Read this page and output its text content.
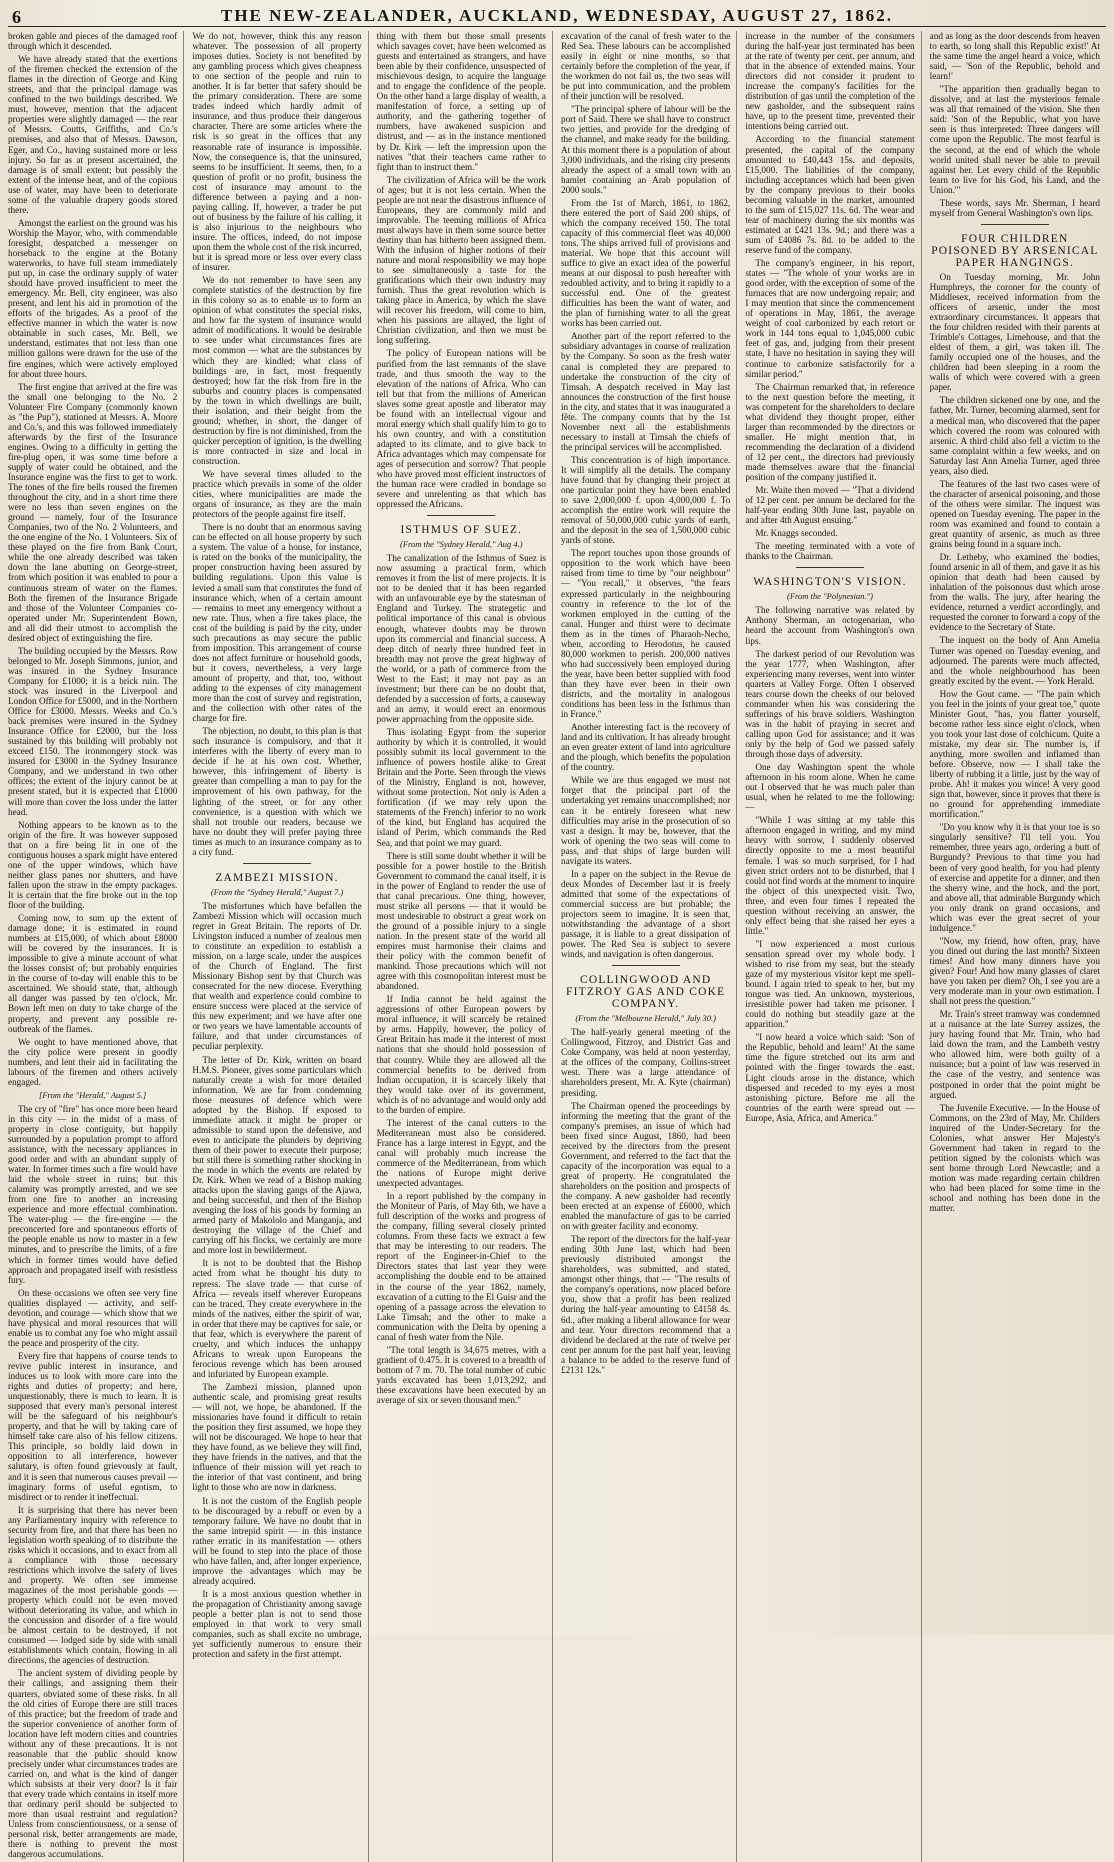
6	THE NEW-ZEALANDER, AUCKLAND, WEDNESDAY, AUGUST 27, 1862.

broken gable and pieces of the damaged roof through which it descended.

We have already stated that the exertions of the firemen checked the extension of the flames in the direction of George and King streets, and that the principal damage was confined to the two buildings described. We must, however, mention that the adjacent properties were slightly damaged — the rear of Messrs. Coutts, Griffiths, and Co.'s premises, and also that of Messrs. Dawson, Eger, and Co., having sustained more or less injury. So far as at present ascertained, the damage is of small extent; but possibly the extent of the intense heat, and of the copious use of water, may have been to deteriorate some of the valuable drapery goods stored there.

Amongst the earliest on the ground was his Worship the Mayor, who, with commendable foresight, despatched a messenger on horseback to the engine at the Botany waterworks, to have full steam immediately put up, in case the ordinary supply of water should have proved insufficient to meet the emergency. Mr. Bell, city engineer, was also present, and lent his aid in promotion of the efforts of the brigades. As a proof of the effective manner in which the water is now obtainable in such cases, Mr. Bell, we understand, estimates that not less than one million gallons were drawn for the use of the fire engines, which were actively employed for about three hours.

The first engine that arrived at the fire was the small one belonging to the No. 2 Volunteer Fire Company (commonly known as "the Pup"), stationed at Messrs. A. Moore and Co.'s, and this was followed immediately afterwards by the first of the Insurance engines. Owing to a difficulty in getting the fire-plug open, it was some time before a supply of water could be obtained, and the Insurance engine was the first to get to work. The tones of the fire bells roused the firemen throughout the city, and in a short time there were no less than seven engines on the ground — namely, four of the Insurance Companies, two of the No. 2 Volunteers, and the one engine of the No. 1 Volunteers. Six of these played on the fire from Bank Court, while the one already described was taken down the lane abutting on George-street, from which position it was enabled to pour a continuous stream of water on the flames. Both the firemen of the Insurance Brigade and those of the Volunteer Companies co-operated under Mr. Superintendent Bown, and all did their utmost to accomplish the desired object of extinguishing the fire.

The building occupied by the Messrs. Row belonged to Mr. Joseph Simmons, junior, and was insured in the Sydney Insurance Company for £1000; it is a brick ruin. The stock was insured in the Liverpool and London Office for £5000, and in the Northern Office for £3000. Messrs. Weeks and Co.'s back premises were insured in the Sydney Insurance Office for £2000, but the loss sustained by this building will probably not exceed £150. The ironmongery stock was insured for £3000 in the Sydney Insurance Company, and we understand in two other offices; the extent of the injury cannot be at present stated, but it is expected that £1000 will more than cover the loss under the latter head.

Nothing appears to be known as to the origin of the fire. It was however supposed that on a fire being lit in one of the contiguous houses a spark might have entered one of the upper windows, which have neither glass panes nor shutters, and have fallen upon the straw in the empty packages. It is certain that the fire broke out in the top floor of the building.

Coming now, to sum up the extent of damage done; it is estimated in round numbers at £15,000, of which about £8000 will be covered by the insurances. It is impossible to give a minute account of what the losses consist of; but probably enquiries in the course of to-day will enable this to be ascertained. We should state, that, although all danger was passed by ten o'clock, Mr. Bown left men on duty to take charge of the property, and prevent any possible re-outbreak of the flames.

We ought to have mentioned above, that the city police were present in goodly numbers, and lent their aid in facilitating the labours of the firemen and others actively engaged.

[From the "Herald," August 5.]

The cry of "fire" has once more been heard in this city — in the midst of a mass of property in close contiguity, but happily surrounded by a population prompt to afford assistance, with the necessary appliances in good order and with an abundant supply of water. In former times such a fire would have laid the whole street in ruins; but this calamity was promptly arrested, and we see from one fire to another an increasing experience and more effectual combination. The water-plug — the fire-engine — the preconcerted fore and spontaneous efforts of the people enable us now to master in a few minutes, and to prescribe the limits, of a fire which in former times would have defied approach and propagated itself with resistless fury.

On these occasions we often see very fine qualities displayed — activity, and self-devotion, and courage — which show that we have physical and moral resources that will enable us to combat any foe who might assail the peace and prosperity of the city.

Every fire that happens of course tends to revive public interest in insurance, and induces us to look with more care into the rights and duties of property; and here, unquestionably, there is much to learn. It is supposed that every man's personal interest will be the safeguard of his neighbour's property, and that he will by taking care of himself take care also of his fellow citizens. This principle, so boldly laid down in opposition to all interference, however salutary, is often found grievously at fault, and it is seen that numerous causes prevail — imaginary forms of useful egotism, to misdirect or to render it ineffectual.

It is surprising that there has never been any Parliamentary inquiry with reference to security from fire, and that there has been no legislation worth speaking of to distribute the risks which it occasions, and to exact from all a compliance with those necessary restrictions which involve the safety of lives and property. We often see immense magazines of the most perishable goods — property which could not be even moved without deteriorating its value, and which in the concussion and disorder of a fire would be almost certain to be destroyed, if not consumed — lodged side by side with small establishments which contain, flowing in all directions, the agencies of destruction.

The ancient system of dividing people by their callings, and assigning them their quarters, obviated some of these risks. In all the old cities of Europe there are still traces of this practice; but the freedom of trade and the superior convenience of another form of location have left modern cities and countries without any of these precautions. It is not reasonable that the public should know precisely under what circumstances trades are carried on, and what is the kind of danger which subsists at their very door? Is it fair that every trade which contains in itself more that ordinary peril should be subjected to more than usual restraint and regulation? Unless from conscientiousness, or a sense of personal risk, better arrangements are made, there is nothing to prevent the most dangerous accumulations.

We do not, however, think this any reason whatever. The possession of all property imposes duties. Society is not benefited by any gambling process which gives cheapness to one section of the people and ruin to another. It is far better that safety should be the primary consideration. There are some trades indeed which hardly admit of insurance, and thus produce their dangerous character. There are some articles where the risk is so great in the offices that any reasonable rate of insurance is impossible. Now, the consequence is, that the uninsured, seems to be insufficient. It seems, then, to a question of profit or no profit, business the cost of insurance may amount to the difference between a paying and a non-paying calling. If, however, a trader be put out of business by the failure of his calling, it is also injurious to the neighbours who insure. The offices, indeed, do not impose upon them the whole cost of the risk incurred, but it is spread more or less over every class of insurer.

We do not remember to have seen any complete statistics of the destruction by fire in this colony so as to enable us to form an opinion of what constitutes the special risks, and how far the system of insurance would admit of modifications. It would be desirable to see under what circumstances fires are most common — what are the substances by which they are kindled; what class of buildings are, in fact, most frequently destroyed; how far the risk from fire in the suburbs and country places is compensated by the town in which dwellings are built, their isolation, and their height from the ground; whether, in short, the danger of destruction by fire is not diminished, from the quicker perception of ignition, is the dwelling is more contracted in size and local in construction.

We have several times alluded to the practice which prevails in some of the older cities, where municipalities are made the organs of insurance, as they are the main protectors of the people against fire itself.

There is no doubt that an enormous saving can be effected on all house property by such a system. The value of a house, for instance, is rated on the books of the municipality, the proper construction having been assured by building regulations. Upon this value is levied a small sum that constitutes the fund of insurance which, when of a certain amount — remains to meet any emergency without a new rate. Thus, when a fire takes place, the cost of the building is paid by the city, under such precautions as may secure the public from imposition. This arrangement of course does not affect furniture or household goods, but it covers, nevertheless, a very large amount of property, and that, too, without adding to the expenses of city management more than the cost of survey and registration, and the collection with other rates of the charge for fire.

The objection, no doubt, to this plan is that such insurance is compulsory, and that it interferes with the liberty of every man to decide if he at his own cost. Whether, however, this infringement of liberty is greater than compelling a man to pay for the improvement of his own pathway, for the lighting of the street, or for any other convenience, is a question with which we shall not trouble our readers, because we have no doubt they will prefer paying three times as much to an insurance company as to a city fund.

ZAMBEZI MISSION.
(From the "Sydney Herald," August 7.)

The misfortunes which have befallen the Zambezi Mission which will occasion much regret in Great Britain. The reports of Dr. Livingston induced a number of zealous men to constitute an expedition to establish a mission, on a large scale, under the auspices of the Church of England. The first Missionary Bishop sent by that Church was consecrated for the new diocese. Everything that wealth and experience could combine to ensure success were placed at the service of this new experiment; and we have after one or two years we have lamentable accounts of failure, and that under circumstances of peculiar perplexity.

The letter of Dr. Kirk, written on board H.M.S. Pioneer, gives some particulars which naturally create a wish for more detailed information. We are far from condemning those measures of defence which were adopted by the Bishop. If exposed to immediate attack it might be proper or admissible to stand upon the defensive, and even to anticipate the plunders by depriving them of their power to execute their purpose; but still there is something rather shocking in the mode in which the events are related by Dr. Kirk. When we read of a Bishop making attacks upon the slaving gangs of the Ajawa, and being successful, and then of the Bishop avenging the loss of his goods by forming an armed party of Makololo and Manganja, and destroying the village of the Chief and carrying off his flocks, we certainly are more and more lost in bewilderment.

It is not to be doubted that the Bishop acted from what he thought his duty to repress. The slave trade — that curse of Africa — reveals itself wherever Europeans can be traced. They create everywhere in the minds of the natives, either the spirit of war, in order that there may be captives for sale, or that fear, which is everywhere the parent of cruelty, and which induces the unhappy Africans to wreak upon Europeans the ferocious revenge which has been aroused and infuriated by European example.

The Zambezi mission, planned upon authentic scale, and promising great results — will not, we hope, be abandoned. If the missionaries have found it difficult to retain the position they first assumed, we hope they will not be discouraged. We hope to hear that they have found, as we believe they will find, they have friends in the natives, and that the influence of their mission will yet reach to the interior of that vast continent, and bring light to those who are now in darkness.

It is not the custom of the English people to be discouraged by a rebuff or even by a temporary failure. We have no doubt that in the same intrepid spirit — in this instance rather erratic in its manifestation — others will be found to step into the place of those who have fallen, and, after longer experience, improve the advantages which may be already acquired.

It is a most anxious question whether in the propagation of Christianity among savage people a better plan is not to send those employed in that work to very small companies, such as shall excite no umbrage, yet sufficiently numerous to ensure their protection and safety in the first attempt.

thing with them but those small presents which savages covet, have been welcomed as guests and entertained as strangers, and have been able by their confidence, unsuspected of mischievous design, to acquire the language and to engage the confidence of the people. On the other hand a large display of wealth, a manifestation of force, a setting up of authority, and the gathering together of numbers, have awakened suspicion and distrust, and — as in the instance mentioned by Dr. Kirk — left the impression upon the natives "that their teachers came rather to fight than to instruct them."

The civilization of Africa will be the work of ages; but it is not less certain. When the people are not near the disastrous influence of Europeans, they are commonly mild and improvable. The teeming millions of Africa must always have in them some source better destiny than has hitherto been assigned them. With the infusion of higher notions of their nature and moral responsibility we may hope to see simultaneously a taste for the gratifications which their own industry may furnish. Thus the great revolution which is taking place in America, by which the slave will recover his freedom, will come to him, when his passions are allayed, the light of Christian civilization, and then we must be long suffering.

The policy of European nations will be purified from the last remnants of the slave trade, and thus smooth the way to the elevation of the nations of Africa. Who can tell but that from the millions of American slaves some great apostle and liberator may be found with an intellectual vigour and moral energy which shall qualify him to go to his own country, and with a constitution adapted to its climate, and to give back to Africa advantages which may compensate for ages of persecution and sorrow? That people who have proved most efficient instructors of the human race were cradled in bondage so severe and unrelenting as that which has oppressed the Africans.

ISTHMUS OF SUEZ.
(From the "Sydney Herald," Aug 4.)

The canalization of the Isthmus of Suez is now assuming a practical form, which removes it from the list of mere projects. It is not to be denied that it has been regarded with an unfavourable eye by the statesman of England and Turkey. The strategetic and political importance of this canal is obvious enough, whatever doubts may be thrown upon its commercial and financial success. A deep ditch of nearly three hundred feet in breadth may not prove the great highway of the world, or a path of commerce from the West to the East; it may not pay as an investment; but there can be no doubt that, defended by a succession of forts, a causeway and an army, it would erect an enormous power approaching from the opposite side.

Thus isolating Egypt from the superior authority by which it is controlled, it would possibly submit its local government to the influence of powers hostile alike to Great Britain and the Porte. Seen through the views of the Ministry, England is not, however, without some protection. Not only is Aden a fortification (if we may rely upon the statements of the French) inferior to no work of the kind, but England has acquired the island of Perim, which commands the Red Sea, and that point we may guard.

There is still some doubt whether it will be possible for a power hostile to the British Government to command the canal itself, it is in the power of England to render the use of that canal precarious. One thing, however, must strike all persons — that it would be most undesirable to obstruct a great work on the ground of a possible injury to a single nation. In the present state of the world all empires must harmonise their claims and their policy with the common benefit of mankind. Those precautions which will not agree with this cosmopolitan interest must be abandoned.

If India cannot be held against the aggressions of other European powers by moral influence, it will scarcely be retained by arms. Happily, however, the policy of Great Britain has made it the interest of most nations that she should hold possession of that country. While they are allowed all the commercial benefits to be derived from Indian occupation, it is scarcely likely that they would take over of its government, which is of no advantage and would only add to the burden of empire.

The interest of the canal cutters to the Mediterranean must also be considered. France has a large interest in Egypt, and the canal will probably much increase the commerce of the Mediterranean, from which the nations of Europe might derive unexpected advantages.

In a report published by the company in the Moniteur of Paris, of May 6th, we have a full description of the works and progress of the company, filling several closely printed columns. From these facts we extract a few that may be interesting to our readers. The report of the Engineer-in-Chief to the Directors states that last year they were accomplishing the double end to be attained in the course of the year 1862, namely, excavation of a cutting to the El Guisr and the opening of a passage across the elevation to Lake Timsah; and the other to make a communication with the Delta by opening a canal of fresh water from the Nile.

"The total length is 34,675 metres, with a gradient of 0.475. It is covered to a breadth of bottom of 7 m. 70. The total number of cubic yards excavated has been 1,013,292, and these excavations have been executed by an average of six or seven thousand men."

excavation of the canal of fresh water to the Red Sea. These labours can be accomplished easily in eight or nine months, so that certainly before the completion of the year, if the workmen do not fail us, the two seas will be put into communication, and the problem of their junction will be resolved.

"The principal sphere of labour will be the port of Said. There we shall have to construct two jetties, and provide for the dredging of the channel, and make ready for the building. At this moment there is a population of about 3,000 individuals, and the rising city presents already the aspect of a small town with an hamlet containing an Arab population of 2000 souls."

From the 1st of March, 1861, to 1862, there entered the port of Said 200 ships, of which the company received 150. The total capacity of this commercial fleet was 40,000 tons. The ships arrived full of provisions and material. We hope that this account will suffice to give an exact idea of the powerful means at our disposal to push hereafter with redoubled activity, and to bring it rapidly to a successful end. One of the greatest difficulties has been the want of water, and the plan of furnishing water to all the great works has been carried out.

Another part of the report referred to the subsidiary advantages in course of realization by the Company. So soon as the fresh water canal is completed they are prepared to undertake the construction of the city of Timsah. A despatch received in May last announces the construction of the first house in the city, and states that it was inaugurated a fête. The company counts that by the 1st November next all the establishments necessary to install at Timsah the chiefs of the principal services will be accomplished.

This concentration is of high importance. It will simplify all the details. The company have found that by changing their project at one particular point they have been enabled to save 2,000,000 f. upon 4,000,000 f. To accomplish the entire work will require the removal of 50,000,000 cubic yards of earth, and the deposit in the sea of 1,500,000 cubic yards of stone.

The report touches upon those grounds of opposition to the work which have been raised from time to time by "our neighbour" — "You recall," it observes, "the fears expressed particularly in the neighbouring country in reference to the lot of the workmen employed in the cutting of the canal. Hunger and thirst were to decimate them as in the times of Pharaoh-Necho, when, according to Herodotus, he caused 80,000 workmen to perish. 200,000 natives who had successively been employed during the year, have been better supplied with food than they have ever been in their own districts, and the mortality in analogous conditions has been less in the Isthmus than in France."

Another interesting fact is the recovery of land and its cultivation. It has already brought an even greater extent of land into agriculture and the plough, which benefits the population of the country.

While we are thus engaged we must not forget that the principal part of the undertaking yet remains unaccomplished; nor can it be entirely foreseen what new difficulties may arise in the prosecution of so vast a design. It may be, however, that the work of opening the two seas will come to pass, and that ships of large burden will navigate its waters.

In a paper on the subject in the Revue de deux Mondes of December last it is freely admitted that some of the expectations of commercial success are but probable; the projectors seem to imagine. It is seen that, notwithstanding the advantage of a short passage, it is liable to a great dissipation of power. The Red Sea is subject to severe winds, and navigation is often dangerous.

COLLINGWOOD AND FITZROY GAS AND COKE COMPANY.
(From the "Melbourne Herald," July 30.)

The half-yearly general meeting of the Collingwood, Fitzroy, and District Gas and Coke Company, was held at noon yesterday, at the offices of the company, Collins-street west. There was a large attendance of shareholders present, Mr. A. Kyte (chairman) presiding.

The Chairman opened the proceedings by informing the meeting that the grant of the company's premises, an issue of which had been fixed since August, 1860, had been received by the directors from the present Government, and referred to the fact that the capacity of the incorporation was equal to a great of property. He congratulated the shareholders on the position and prospects of the company. A new gasholder had recently been erected at an expense of £6000, which enabled the manufacture of gas to be carried on with greater facility and economy.

The report of the directors for the half-year ending 30th June last, which had been previously distributed amongst the shareholders, was submitted, and stated, amongst other things, that — "The results of the company's operations, now placed before you, show that a profit has been realized during the half-year amounting to £4158 4s. 6d., after making a liberal allowance for wear and tear. Your directors recommend that a dividend be declared at the rate of twelve per cent per annum for the past half year, leaving a balance to be added to the reserve fund of £2131 12s."

increase in the number of the consumers during the half-year just terminated has been at the rate of twenty per cent. per annum, and that in the absence of extended mains. Your directors did not consider it prudent to increase the company's facilities for the distribution of gas until the completion of the new gasholder, and the subsequent rains have, up to the present time, prevented their intentions being carried out.

According to the financial statement presented, the capital of the company amounted to £40,443 15s. and deposits, £15,000. The liabilities of the company, including acceptances which had been given by the company previous to their books becoming valuable in the market, amounted to the sum of £15,027 11s. 6d. The wear and tear of machinery during the six months was estimated at £421 13s. 9d.; and there was a sum of £4086 7s. 8d. to be added to the reserve fund of the company.

The company's engineer, in his report, states — "The whole of your works are in good order, with the exception of some of the furnaces that are now undergoing repair; and I may mention that since the commencement of operations in May, 1861, the average weight of coal carbonized by each retort or work in 144 tons equal to 1,045,000 cubic feet of gas, and, judging from their present state, I have no hesitation in saying they will continue to carbonize satisfactorily for a similar period."

The Chairman remarked that, in reference to the next question before the meeting, it was competent for the shareholders to declare what dividend they thought proper, either larger than recommended by the directors or smaller. He might mention that, in recommending the declaration of a dividend of 12 per cent., the directors had previously made themselves aware that the financial position of the company justified it.

Mr. Waite then moved — "That a dividend of 12 per cent. per annum be declared for the half-year ending 30th June last, payable on and after 4th August ensuing."

Mr. Knaggs seconded.

The meeting terminated with a vote of thanks to the Chairman.

WASHINGTON'S VISION.
(From the "Polynesian.")

The following narrative was related by Anthony Sherman, an octogenarian, who heard the account from Washington's own lips.

The darkest period of our Revolution was the year 1777, when Washington, after experiencing many reverses, went into winter quarters at Valley Forge. Often I observed tears course down the cheeks of our beloved commander when his was considering the sufferings of his brave soldiers. Washington was in the habit of praying in secret and calling upon God for assistance; and it was only by the help of God we passed safely through those days of adversity.

One day Washington spent the whole afternoon in his room alone. When he came out I observed that he was much paler than usual, when he related to me the following: —

"While I was sitting at my table this afternoon engaged in writing, and my mind heavy with sorrow, I suddenly observed directly opposite to me a most beautiful female. I was so much surprised, for I had given strict orders not to be disturbed, that I could not find words at the moment to inquire the object of this unexpected visit. Two, three, and even four times I repeated the question without receiving an answer, the only effect being that she raised her eyes a little."

"I now experienced a most curious sensation spread over my whole body. I wished to rise from my seat, but the steady gaze of my mysterious visitor kept me spell-bound. I again tried to speak to her, but my tongue was tied. An unknown, mysterious, irresistible power had taken me prisoner. I could do nothing but steadily gaze at the apparition."

"I now heard a voice which said: 'Son of the Republic, behold and learn!' At the same time the figure stretched out its arm and pointed with the finger towards the east. Light clouds arose in the distance, which dispersed and receded to my eyes a most astonishing picture. Before me all the countries of the earth were spread out — Europe, Asia, Africa, and America."

and as long as the door descends from heaven to earth, so long shall this Republic exist!' At the same time the angel heard a voice, which said, — 'Son of the Republic, behold and learn!'

"The apparition then gradually began to dissolve, and at last the mysterious female was all that remained of the vision. She then said: 'Son of the Republic, what you have seen is thus interpreted: Three dangers will come upon the Republic. The most fearful is the second, at the end of which the whole world united shall never be able to prevail against her. Let every child of the Republic learn to live for his God, his Land, and the Union.'"

These words, says Mr. Sherman, I heard myself from General Washington's own lips.

FOUR CHILDREN POISONED BY ARSENICAL PAPER HANGINGS.

On Tuesday morning, Mr. John Humphreys, the coroner for the county of Middlesex, received information from the officers of arsenic, under the most extraordinary circumstances. It appears that the four children resided with their parents at Trimble's Cottages, Limehouse, and that the eldest of them, a girl, was taken ill. The family occupied one of the houses, and the children had been sleeping in a room the walls of which were covered with a green paper.

The children sickened one by one, and the father, Mr. Turner, becoming alarmed, sent for a medical man, who discovered that the paper which covered the room was coloured with arsenic. A third child also fell a victim to the same complaint within a few weeks, and on Saturday last Ann Amelia Turner, aged three years, also died.

The features of the last two cases were of the character of arsenical poisoning, and those of the others were similar. The inquest was opened on Tuesday evening. The paper in the room was examined and found to contain a great quantity of arsenic, as much as three grains being found in a square inch.

Dr. Letheby, who examined the bodies, found arsenic in all of them, and gave it as his opinion that death had been caused by inhalation of the poisonous dust which arose from the walls. The jury, after hearing the evidence, returned a verdict accordingly, and requested the coroner to forward a copy of the evidence to the Secretary of State.

The inquest on the body of Ann Amelia Turner was opened on Tuesday evening, and adjourned. The parents were much affected, and the whole neighbourhood has been greatly excited by the event. — York Herald.

How the Gout came. — "The pain which you feel in the joints of your great toe," quote Minister Gout, "has, you flatter yourself, become rather less since eight o'clock, when you took your last dose of colchicum. Quite a mistake, my dear sir. The number is, if anything, more swollen and inflamed than before. Observe, now — I shall take the liberty of rubbing it a little, just by the way of probe. Ah! it makes you wince! A very good sign that, however, since it proves that there is no ground for apprehending immediate mortification."

"Do you know why it is that your toe is so singularly sensitive? I'll tell you. You remember, three years ago, ordering a butt of Burgundy? Previous to that time you had been of very good health, for you had plenty of exercise and appetite for a dinner, and then the sherry wine, and the hock, and the port, and above all, that admirable Burgundy which you only drank on grand occasions, and which was ever the great secret of your indulgence."

"Now, my friend, how often, pray, have you dined out during the last month? Sixteen times! And how many dinners have you given? Four! And how many glasses of claret have you taken per diem? Oh, I see you are a very moderate man in your own estimation. I shall not press the question."

Mr. Train's street tramway was condemned at a nuisance at the late Surrey assizes, the jury having found that Mr. Train, who had laid down the tram, and the Lambeth vestry who allowed him, were both guilty of a nuisance; but a point of law was reserved in the case of the vestry, and sentence was postponed in order that the point might be argued.

The Juvenile Executive. — In the House of Commons, on the 23rd of May, Mr. Childers inquired of the Under-Secretary for the Colonies, what answer Her Majesty's Government had taken in regard to the petition signed by the colonists which was sent home through Lord Newcastle; and a motion was made regarding certain children who had been placed for some time in the school and nothing has been done in the matter.
